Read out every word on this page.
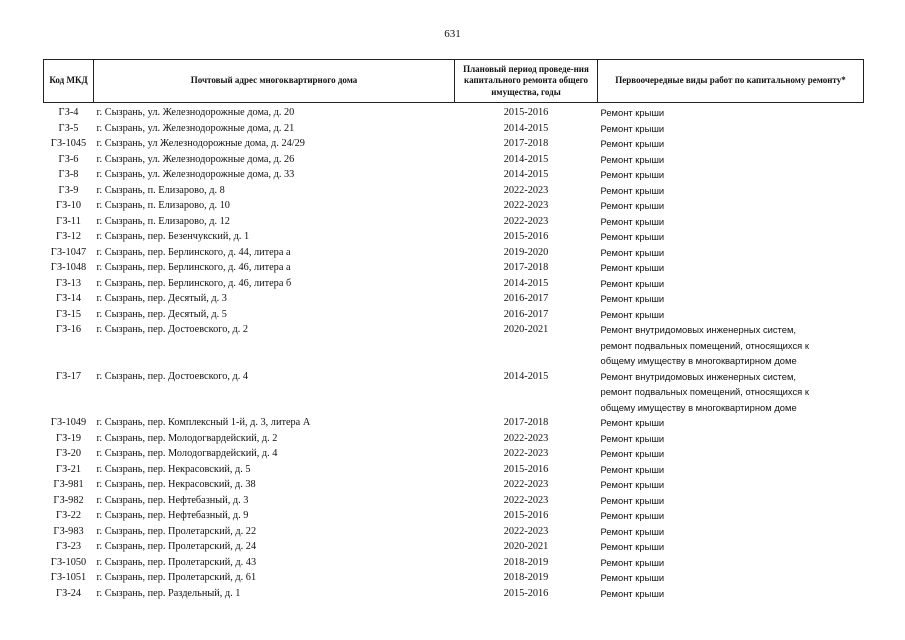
631
Код МКД	Почтовый адрес многоквартирного дома	Плановый период проведе-ния капитального ремонта общего имущества, годы	Первоочередные виды работ по капитальному ремонту*
ГЗ-4	г. Сызрань, ул. Железнодорожные дома, д. 20	2015-2016	Ремонт крыши

ГЗ-5	г. Сызрань, ул. Железнодорожные дома, д. 21	2014-2015	Ремонт крыши

ГЗ-1045	г. Сызрань, ул Железнодорожные дома, д. 24/29	2017-2018	Ремонт крыши

ГЗ-6	г. Сызрань, ул. Железнодорожные дома, д. 26	2014-2015	Ремонт крыши

ГЗ-8	г. Сызрань, ул. Железнодорожные дома, д. 33	2014-2015	Ремонт крыши

ГЗ-9	г. Сызрань, п. Елизарово, д. 8	2022-2023	Ремонт крыши

ГЗ-10	г. Сызрань, п. Елизарово, д. 10	2022-2023	Ремонт крыши

ГЗ-11	г. Сызрань, п. Елизарово, д. 12	2022-2023	Ремонт крыши

ГЗ-12	г. Сызрань, пер. Безенчукский, д. 1	2015-2016	Ремонт крыши

ГЗ-1047	г. Сызрань, пер. Берлинского, д. 44, литера а	2019-2020	Ремонт крыши

ГЗ-1048	г. Сызрань, пер. Берлинского, д. 46, литера а	2017-2018	Ремонт крыши

ГЗ-13	г. Сызрань, пер. Берлинского, д. 46, литера б	2014-2015	Ремонт крыши

ГЗ-14	г. Сызрань, пер. Десятый, д. 3	2016-2017	Ремонт крыши

ГЗ-15	г. Сызрань, пер. Десятый, д. 5	2016-2017	Ремонт крыши

ГЗ-16	г. Сызрань, пер. Достоевского, д. 2	2020-2021	Ремонт внутридомовых инженерных систем,
ремонт подвальных помещений, относящихся к
общему имуществу в многоквартирном доме

ГЗ-17	г. Сызрань, пер. Достоевского, д. 4	2014-2015	Ремонт внутридомовых инженерных систем,
ремонт подвальных помещений, относящихся к
общему имуществу в многоквартирном доме

ГЗ-1049	г. Сызрань, пер. Комплексный 1-й, д. 3, литера А	2017-2018	Ремонт крыши

ГЗ-19	г. Сызрань, пер. Молодогвардейский, д. 2	2022-2023	Ремонт крыши

ГЗ-20	г. Сызрань, пер. Молодогвардейский, д. 4	2022-2023	Ремонт крыши

ГЗ-21	г. Сызрань, пер. Некрасовский, д. 5	2015-2016	Ремонт крыши

ГЗ-981	г. Сызрань, пер. Некрасовский, д. 38	2022-2023	Ремонт крыши

ГЗ-982	г. Сызрань, пер. Нефтебазный, д. 3	2022-2023	Ремонт крыши

ГЗ-22	г. Сызрань, пер. Нефтебазный, д. 9	2015-2016	Ремонт крыши

ГЗ-983	г. Сызрань, пер. Пролетарский, д. 22	2022-2023	Ремонт крыши

ГЗ-23	г. Сызрань, пер. Пролетарский, д. 24	2020-2021	Ремонт крыши

ГЗ-1050	г. Сызрань, пер. Пролетарский, д. 43	2018-2019	Ремонт крыши

ГЗ-1051	г. Сызрань, пер. Пролетарский, д. 61	2018-2019	Ремонт крыши

ГЗ-24	г. Сызрань, пер. Раздельный, д. 1	2015-2016	Ремонт крыши
